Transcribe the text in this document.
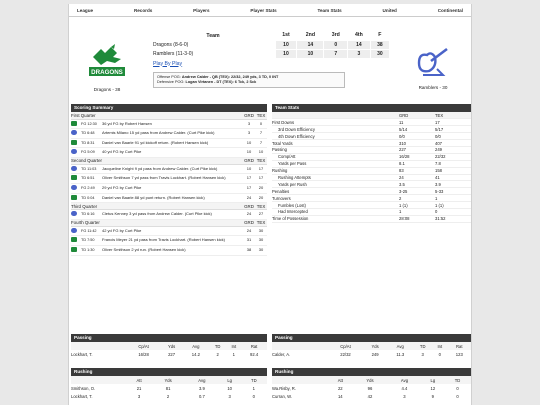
League	Records	Players	Player Stats	Team Stats	United	Continental
DRAGONS
Dragons - 38
Team	1st	2nd	3rd	4th	F
Dragons (8-6-0)	10	14	0	14	38
Ramblers (11-3-0)	10	10	7	3	30
Play By Play
Offense POG: Andrew Calder - QB (TEX): 22/32, 249 yds, 3 TD, 0 INT
Defensive POG: Logan Virtanen - DT (TEX): 6 Tck, 2 Sck
Ramblers - 30
Scoring Summary
First Quarter			GRD	TEX
	FG 12:30	36 yd FG by Robert Hansen	3	0
	TD 6:48	Artemis Milano 15 yd pass from Andrew Calder. (Curt Pike kick)	3	7
	TD 8:31	Daniel van Baarle 91 yd kickoff return. (Robert Hansen kick)	10	7
	FG 5:09	40 yd FG by Curt Pike	10	10
Second Quarter			GRD	TEX
	TD 11:03	Jacqueline Knight 9 yd pass from Andrew Calder. (Curt Pike kick)	10	17
	TD 6:51	Oliver Smithson 7 yd pass from Travis Lockhart. (Robert Hansen kick)	17	17
	FG 2:49	29 yd FG by Curt Pike	17	20
	TD 0:04	Daniel van Baarle 88 yd punt return. (Robert Hansen kick)	24	20
Third Quarter			GRD	TEX
	TD 6:16	Cletus Kenney 3 yd pass from Andrew Calder. (Curt Pike kick)	24	27
Fourth Quarter			GRD	TEX
	FG 11:42	42 yd FG by Curt Pike	24	30
	TD 7:50	Francis Meyer 21 yd pass from Travis Lockhart. (Robert Hansen kick)	31	30
	TD 1:30	Oliver Smithson 2 yd run. (Robert Hansen kick)	38	30
Team Stats
	GRD	TEX
First Downs	11	17
3rd Down Efficiency	5/14	5/17
4th Down Efficiency	0/0	0/0
Total Yards	310	407
Passing	227	249
Comp/Att	16/28	22/32
Yards per Pass	8.1	7.8
Rushing	83	158
Rushing Attempts	24	41
Yards per Rush	3.5	3.9
Penalties	3-25	5-33
Turnovers	2	1
Fumbles (Lost)	1 (1)	1 (1)
Had Intercepted	1	0
Time of Possession	28:08	31:52
Passing
	Cp/At	Yds	Avg	TD	Int	Rat
Lockhart, T.	16/28	227	14.2	2	1	92.4
Passing
	Cp/At	Yds	Avg	TD	Int	Rat
Calder, A.	22/32	249	11.3	3	0	123
Rushing
	Att	Yds	Avg	Lg	TD
Smithson, O.	21	81	3.9	10	1
Lockhart, T.	3	2	0.7	3	0
Rushing
	Att	Yds	Avg	Lg	TD
Wa.Risby, R.	22	96	4.4	12	0
Curran, W.	14	42	3	9	0
